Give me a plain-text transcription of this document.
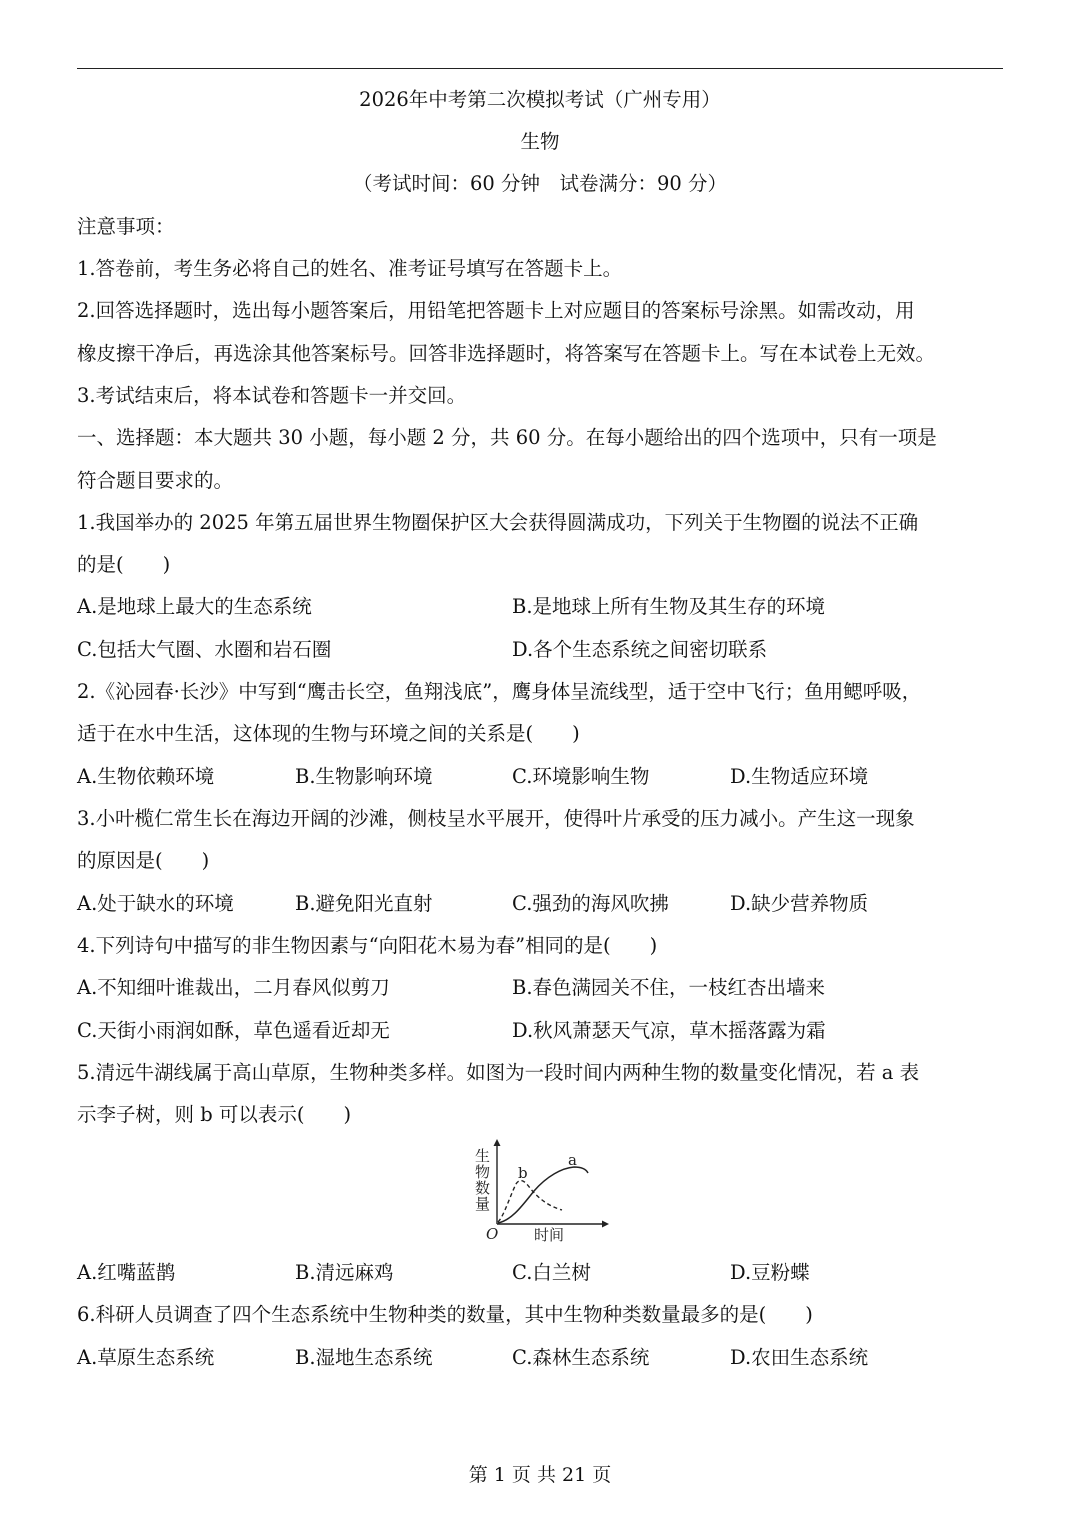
2026年中考第二次模拟考试（广州专用）
生物
（考试时间：60 分钟　试卷满分：90 分）
注意事项：
1.答卷前，考生务必将自己的姓名、准考证号填写在答题卡上。
2.回答选择题时，选出每小题答案后，用铅笔把答题卡上对应题目的答案标号涂黑。如需改动，用
橡皮擦干净后，再选涂其他答案标号。回答非选择题时，将答案写在答题卡上。写在本试卷上无效。
3.考试结束后，将本试卷和答题卡一并交回。
一、选择题：本大题共 30 小题，每小题 2 分，共 60 分。在每小题给出的四个选项中，只有一项是
符合题目要求的。
1.我国举办的 2025 年第五届世界生物圈保护区大会获得圆满成功，下列关于生物圈的说法不正确
的是(　　)
A.是地球上最大的生态系统	B.是地球上所有生物及其生存的环境
C.包括大气圈、水圈和岩石圈	D.各个生态系统之间密切联系
2.《沁园春·长沙》中写到“鹰击长空，鱼翔浅底”，鹰身体呈流线型，适于空中飞行；鱼用鳃呼吸，
适于在水中生活，这体现的生物与环境之间的关系是(　　)
A.生物依赖环境	B.生物影响环境	C.环境影响生物	D.生物适应环境
3.小叶榄仁常生长在海边开阔的沙滩，侧枝呈水平展开，使得叶片承受的压力减小。产生这一现象
的原因是(　　)
A.处于缺水的环境	B.避免阳光直射	C.强劲的海风吹拂	D.缺少营养物质
4.下列诗句中描写的非生物因素与“向阳花木易为春”相同的是(　　)
A.不知细叶谁裁出，二月春风似剪刀	B.春色满园关不住，一枝红杏出墙来
C.天街小雨润如酥，草色遥看近却无	D.秋风萧瑟天气凉，草木摇落露为霜
5.清远牛湖线属于高山草原，生物种类多样。如图为一段时间内两种生物的数量变化情况，若 a 表
示李子树，则 b 可以表示(　　)
生物数量
时间
O
a
b
A.红嘴蓝鹊	B.清远麻鸡	C.白兰树	D.豆粉蝶
6.科研人员调查了四个生态系统中生物种类的数量，其中生物种类数量最多的是(　　)
A.草原生态系统	B.湿地生态系统	C.森林生态系统	D.农田生态系统
第 1 页 共 21 页
